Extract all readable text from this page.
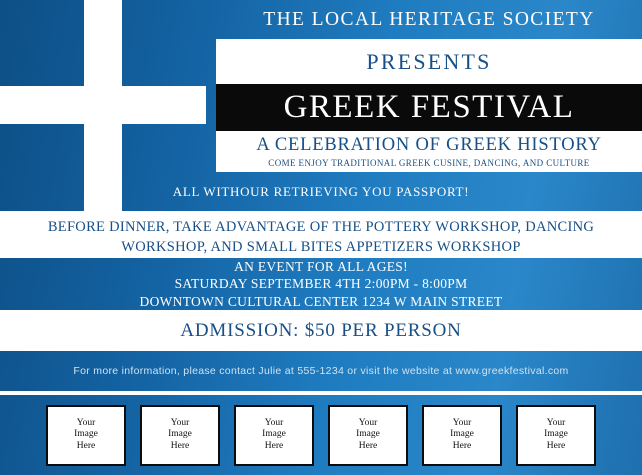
THE LOCAL HERITAGE SOCIETY
PRESENTS
GREEK FESTIVAL
A CELEBRATION OF GREEK HISTORY
COME ENJOY TRADITIONAL GREEK CUSINE, DANCING, AND CULTURE
ALL WITHOUR RETRIEVING YOU PASSPORT!
BEFORE DINNER, TAKE ADVANTAGE OF THE POTTERY WORKSHOP, DANCING
WORKSHOP, AND SMALL BITES APPETIZERS WORKSHOP
AN EVENT FOR ALL AGES!
SATURDAY SEPTEMBER 4TH 2:00PM - 8:00PM
DOWNTOWN CULTURAL CENTER 1234 W MAIN STREET
ADMISSION: $50 PER PERSON
For more information, please contact Julie at 555-1234 or visit the website at www.greekfestival.com
Your
Image
Here
Your
Image
Here
Your
Image
Here
Your
Image
Here
Your
Image
Here
Your
Image
Here
